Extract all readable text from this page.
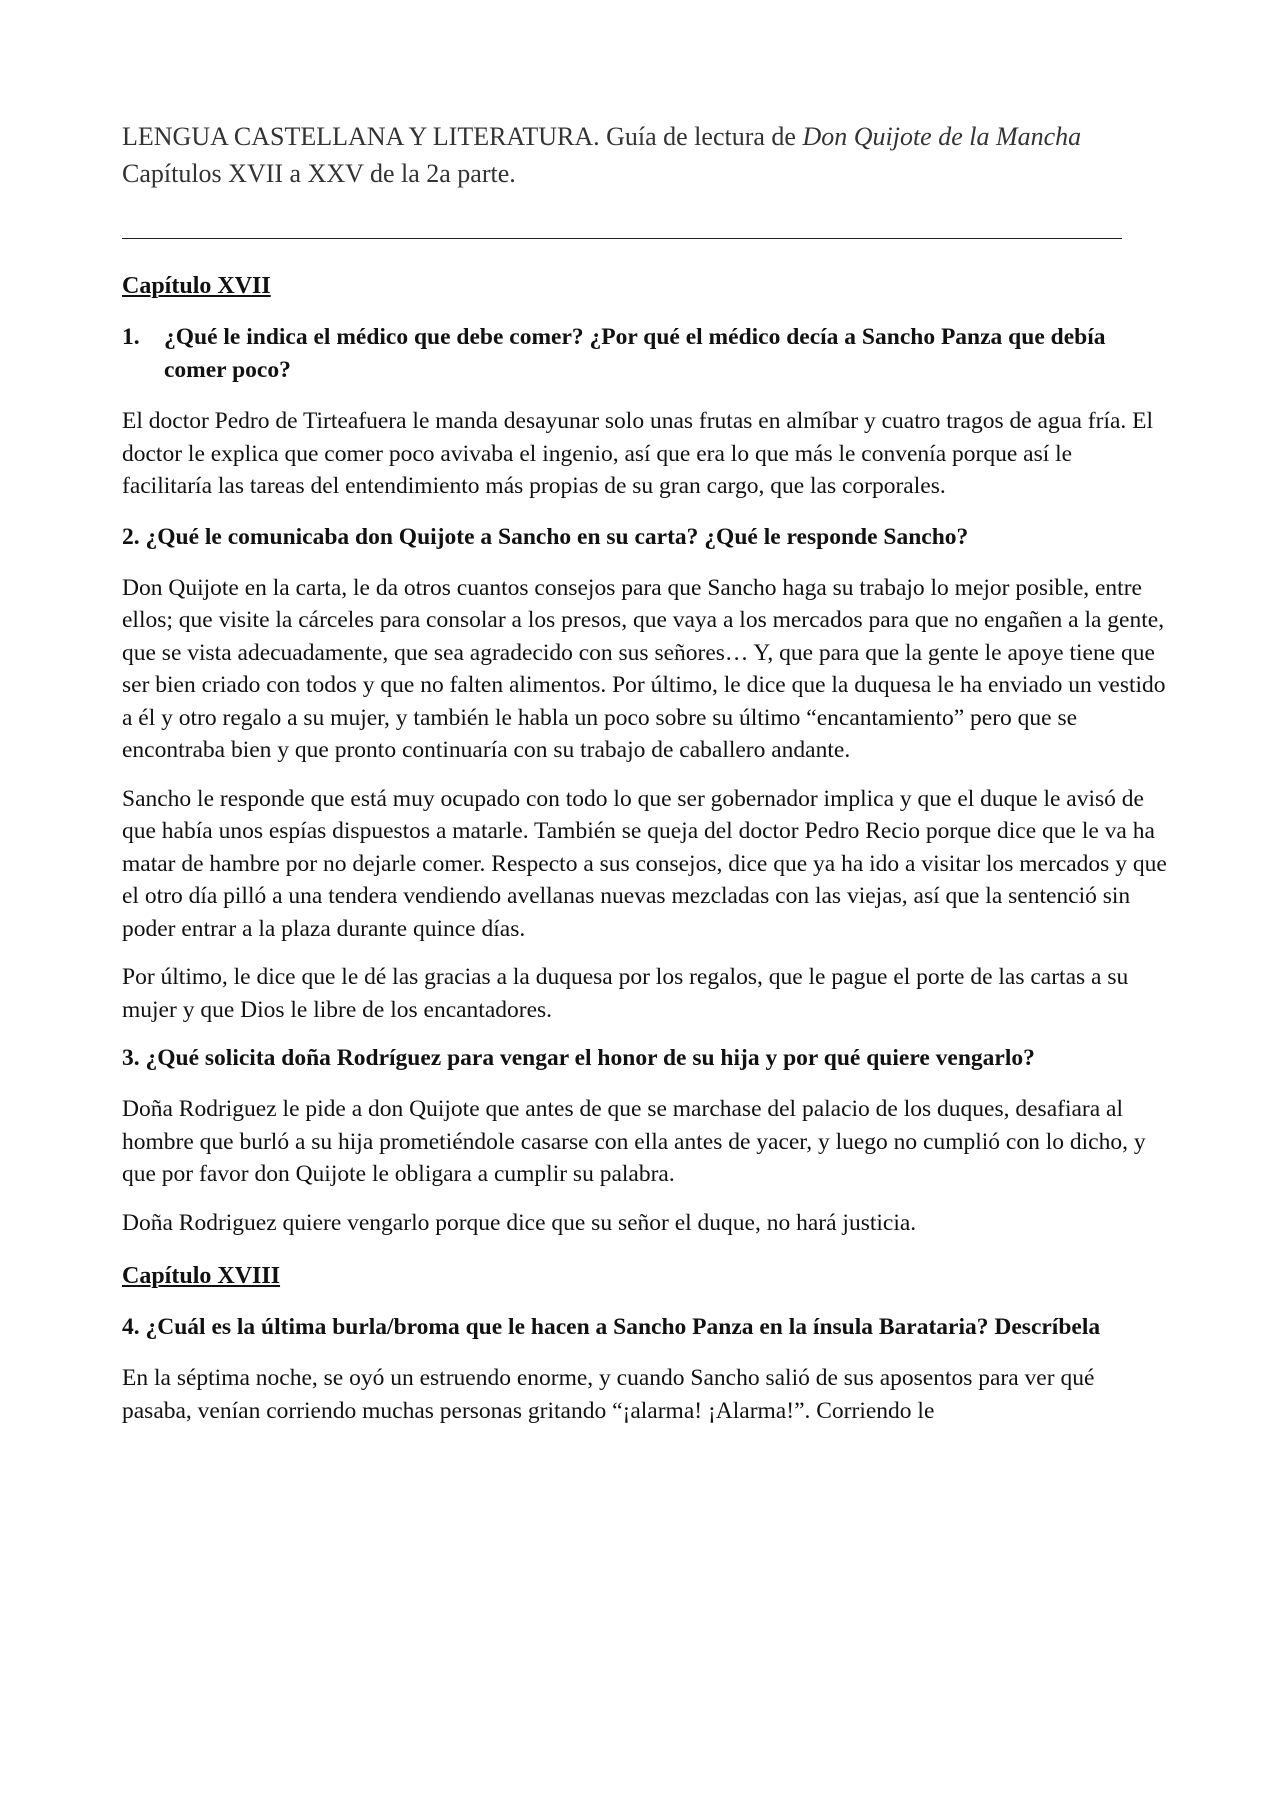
LENGUA CASTELLANA Y LITERATURA. Guía de lectura de Don Quijote de la Mancha Capítulos XVII a XXV de la 2a parte.

Capítulo XVII

1.	¿Qué le indica el médico que debe comer? ¿Por qué el médico decía a Sancho Panza que debía comer poco?

El doctor Pedro de Tirteafuera le manda desayunar solo unas frutas en almíbar y cuatro tragos de agua fría. El doctor le explica que comer poco avivaba el ingenio, así que era lo que más le convenía porque así le facilitaría las tareas del entendimiento más propias de su gran cargo, que las corporales.

2. ¿Qué le comunicaba don Quijote a Sancho en su carta? ¿Qué le responde Sancho?

Don Quijote en la carta, le da otros cuantos consejos para que Sancho haga su trabajo lo mejor posible, entre ellos; que visite la cárceles para consolar a los presos, que vaya a los mercados para que no engañen a la gente, que se vista adecuadamente, que sea agradecido con sus señores… Y, que para que la gente le apoye tiene que ser bien criado con todos y que no falten alimentos. Por último, le dice que la duquesa le ha enviado un vestido a él y otro regalo a su mujer, y también le habla un poco sobre su último “encantamiento” pero que se encontraba bien y que pronto continuaría con su trabajo de caballero andante.

Sancho le responde que está muy ocupado con todo lo que ser gobernador implica y que el duque le avisó de que había unos espías dispuestos a matarle. También se queja del doctor Pedro Recio porque dice que le va ha matar de hambre por no dejarle comer. Respecto a sus consejos, dice que ya ha ido a visitar los mercados y que el otro día pilló a una tendera vendiendo avellanas nuevas mezcladas con las viejas, así que la sentenció sin poder entrar a la plaza durante quince días.

Por último, le dice que le dé las gracias a la duquesa por los regalos, que le pague el porte de las cartas a su mujer y que Dios le libre de los encantadores.

3. ¿Qué solicita doña Rodríguez para vengar el honor de su hija y por qué quiere vengarlo?

Doña Rodriguez le pide a don Quijote que antes de que se marchase del palacio de los duques, desafiara al hombre que burló a su hija prometiéndole casarse con ella antes de yacer, y luego no cumplió con lo dicho, y que por favor don Quijote le obligara a cumplir su palabra.

Doña Rodriguez quiere vengarlo porque dice que su señor el duque, no hará justicia.

Capítulo XVIII

4. ¿Cuál es la última burla/broma que le hacen a Sancho Panza en la ínsula Barataria? Descríbela

En la séptima noche, se oyó un estruendo enorme, y cuando Sancho salió de sus aposentos para ver qué pasaba, venían corriendo muchas personas gritando “¡alarma! ¡Alarma!”. Corriendo le
